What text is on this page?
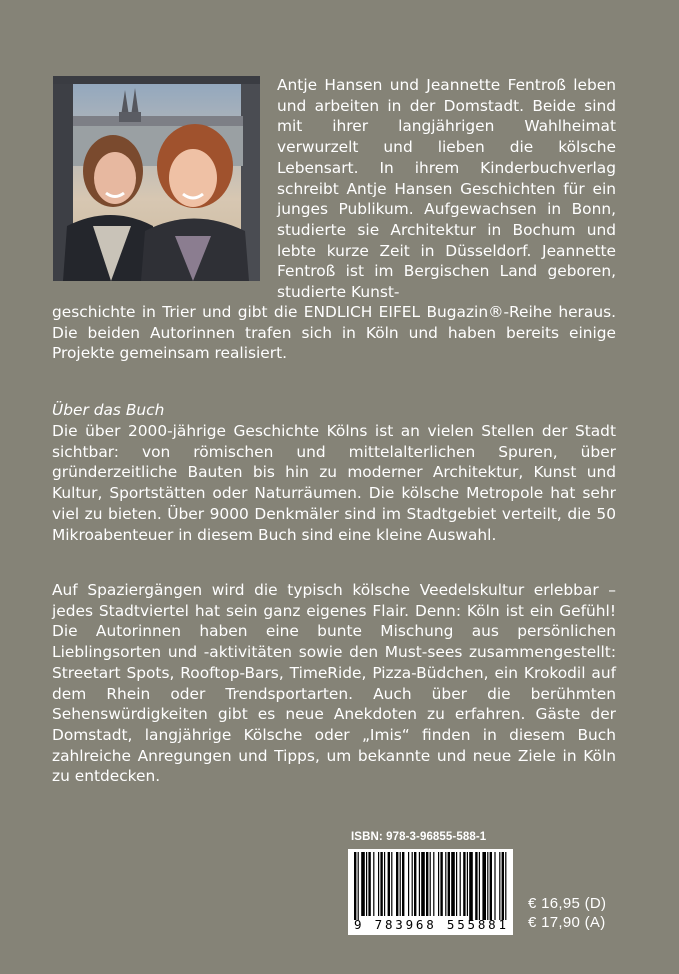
Antje Hansen und Jeannette Fentroß leben und arbeiten in der Domstadt. Beide sind mit ihrer langjährigen Wahlheimat verwurzelt und lieben die kölsche Lebensart. In ihrem Kinderbuchverlag schreibt Antje Hansen Geschichten für ein junges Publikum. Aufgewachsen in Bonn, studierte sie Architektur in Bochum und lebte kurze Zeit in Düsseldorf. Jeannette Fentroß ist im Bergischen Land geboren, studierte Kunst-

geschichte in Trier und gibt die ENDLICH EIFEL Bugazin®-Reihe heraus. Die beiden Autorinnen trafen sich in Köln und haben bereits einige Projekte gemeinsam realisiert.

Über das Buch

Die über 2000-jährige Geschichte Kölns ist an vielen Stellen der Stadt sichtbar: von römischen und mittelalterlichen Spuren, über gründerzeitliche Bauten bis hin zu moderner Architektur, Kunst und Kultur, Sportstätten oder Naturräumen. Die kölsche Metropole hat sehr viel zu bieten. Über 9000 Denkmäler sind im Stadtgebiet verteilt, die 50 Mikroabenteuer in diesem Buch sind eine kleine Auswahl.

Auf Spaziergängen wird die typisch kölsche Veedelskultur erlebbar – jedes Stadtviertel hat sein ganz eigenes Flair. Denn: Köln ist ein Gefühl! Die Autorinnen haben eine bunte Mischung aus persönlichen Lieblingsorten und -aktivitäten sowie den Must-sees zusammengestellt: Streetart Spots, Rooftop-Bars, TimeRide, Pizza-Büdchen, ein Krokodil auf dem Rhein oder Trendsportarten. Auch über die berühmten Sehenswürdigkeiten gibt es neue Anekdoten zu erfahren. Gäste der Domstadt, langjährige Kölsche oder „Imis“ finden in diesem Buch zahlreiche Anregungen und Tipps, um bekannte und neue Ziele in Köln zu entdecken.

ISBN: 978-3-96855-588-1
9 783968 555881
€ 16,95 (D)
€ 17,90 (A)
